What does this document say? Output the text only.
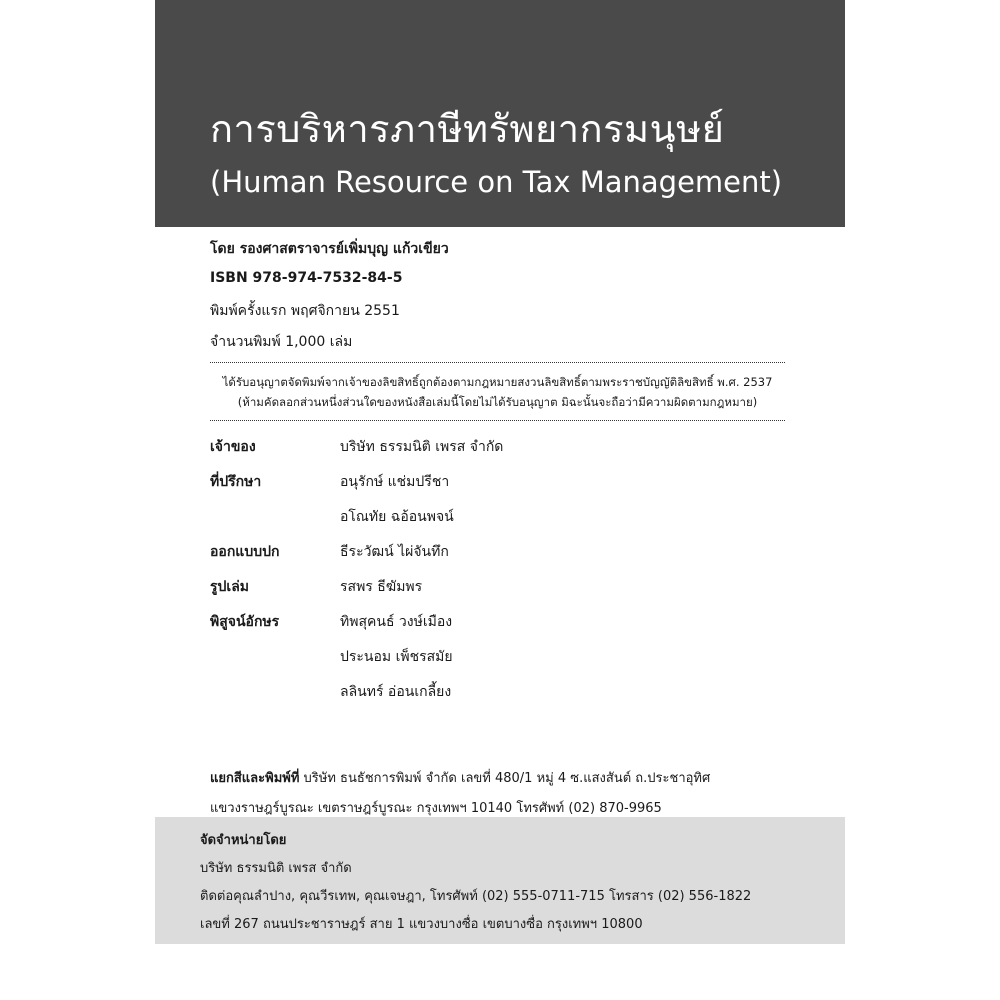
การบริหารภาษีทรัพยากรมนุษย์
(Human Resource on Tax Management)
โดย รองศาสตราจารย์เพิ่มบุญ แก้วเขียว
ISBN 978-974-7532-84-5
พิมพ์ครั้งแรก พฤศจิกายน 2551
จำนวนพิมพ์ 1,000 เล่ม
ได้รับอนุญาตจัดพิมพ์จากเจ้าของลิขสิทธิ์ถูกต้องตามกฎหมายสงวนลิขสิทธิ์ตามพระราชบัญญัติลิขสิทธิ์ พ.ศ. 2537
(ห้ามคัดลอกส่วนหนึ่งส่วนใดของหนังสือเล่มนี้โดยไม่ได้รับอนุญาต มิฉะนั้นจะถือว่ามีความผิดตามกฎหมาย)
เจ้าของ	บริษัท ธรรมนิติ เพรส จำกัด
ที่ปรึกษา	อนุรักษ์ แช่มปรีชา
อโณทัย ฉอ้อนพจน์
ออกแบบปก	ธีระวัฒน์ ไผ่จันทึก
รูปเล่ม	รสพร ธีฆัมพร
พิสูจน์อักษร	ทิพสุคนธ์ วงษ์เมือง
ประนอม เพ็ชรสมัย
ลลินทร์ อ่อนเกลี้ยง
แยกสีและพิมพ์ที่ บริษัท ธนธัชการพิมพ์ จำกัด เลขที่ 480/1 หมู่ 4 ซ.แสงสันต์ ถ.ประชาอุทิศ
แขวงราษฎร์บูรณะ เขตราษฎร์บูรณะ กรุงเทพฯ 10140 โทรศัพท์ (02) 870-9965
จัดจำหน่ายโดย
บริษัท ธรรมนิติ เพรส จำกัด
ติดต่อคุณลำปาง, คุณวีรเทพ, คุณเจษฎา, โทรศัพท์ (02) 555-0711-715 โทรสาร (02) 556-1822
เลขที่ 267 ถนนประชาราษฎร์ สาย 1 แขวงบางซื่อ เขตบางซื่อ กรุงเทพฯ 10800
